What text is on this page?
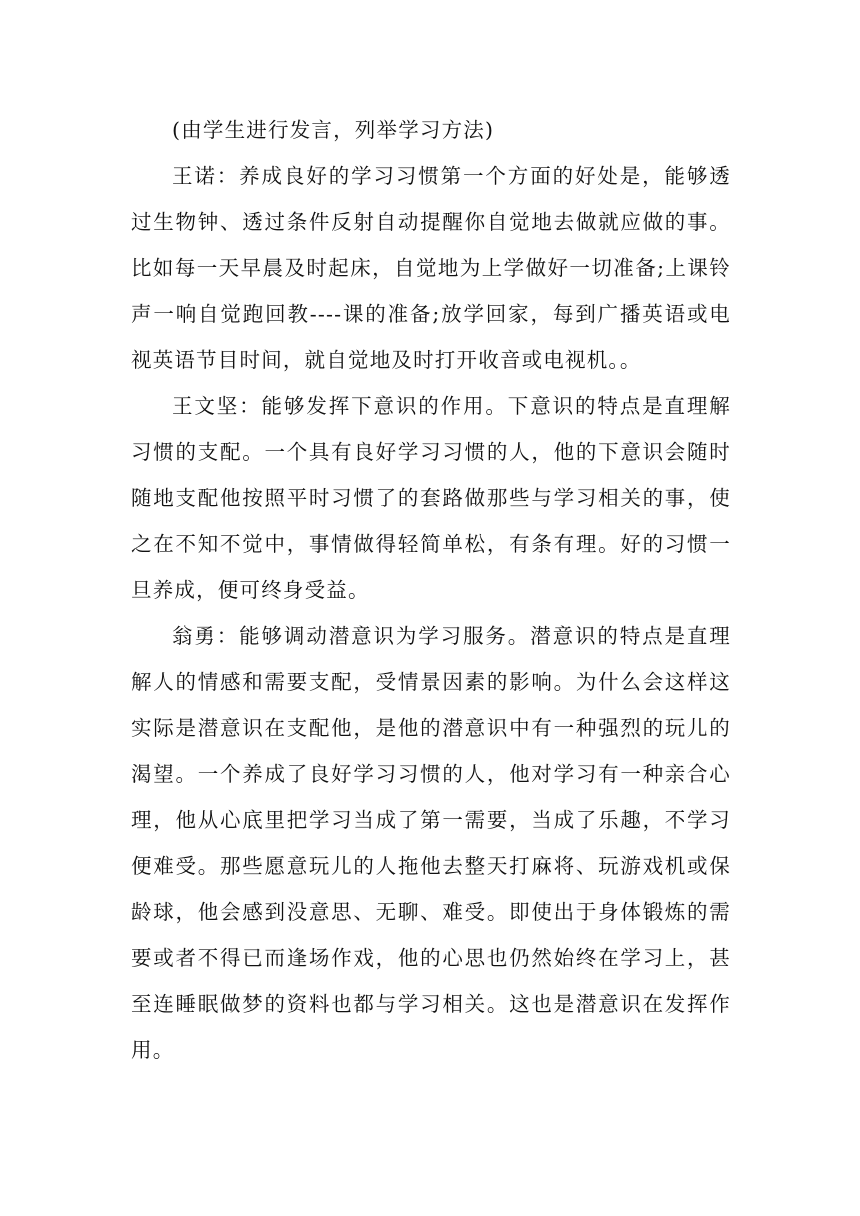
(由学生进行发言，列举学习方法)

王诺：养成良好的学习习惯第一个方面的好处是，能够透过生物钟、透过条件反射自动提醒你自觉地去做就应做的事。比如每一天早晨及时起床，自觉地为上学做好一切准备;上课铃声一响自觉跑回教----课的准备;放学回家，每到广播英语或电视英语节目时间，就自觉地及时打开收音或电视机。。

王文坚：能够发挥下意识的作用。下意识的特点是直理解习惯的支配。一个具有良好学习习惯的人，他的下意识会随时随地支配他按照平时习惯了的套路做那些与学习相关的事，使之在不知不觉中，事情做得轻简单松，有条有理。好的习惯一旦养成，便可终身受益。

翁勇：能够调动潜意识为学习服务。潜意识的特点是直理解人的情感和需要支配，受情景因素的影响。为什么会这样这实际是潜意识在支配他，是他的潜意识中有一种强烈的玩儿的渴望。一个养成了良好学习习惯的人，他对学习有一种亲合心理，他从心底里把学习当成了第一需要，当成了乐趣，不学习便难受。那些愿意玩儿的人拖他去整天打麻将、玩游戏机或保龄球，他会感到没意思、无聊、难受。即使出于身体锻炼的需要或者不得已而逢场作戏，他的心思也仍然始终在学习上，甚至连睡眠做梦的资料也都与学习相关。这也是潜意识在发挥作用。
